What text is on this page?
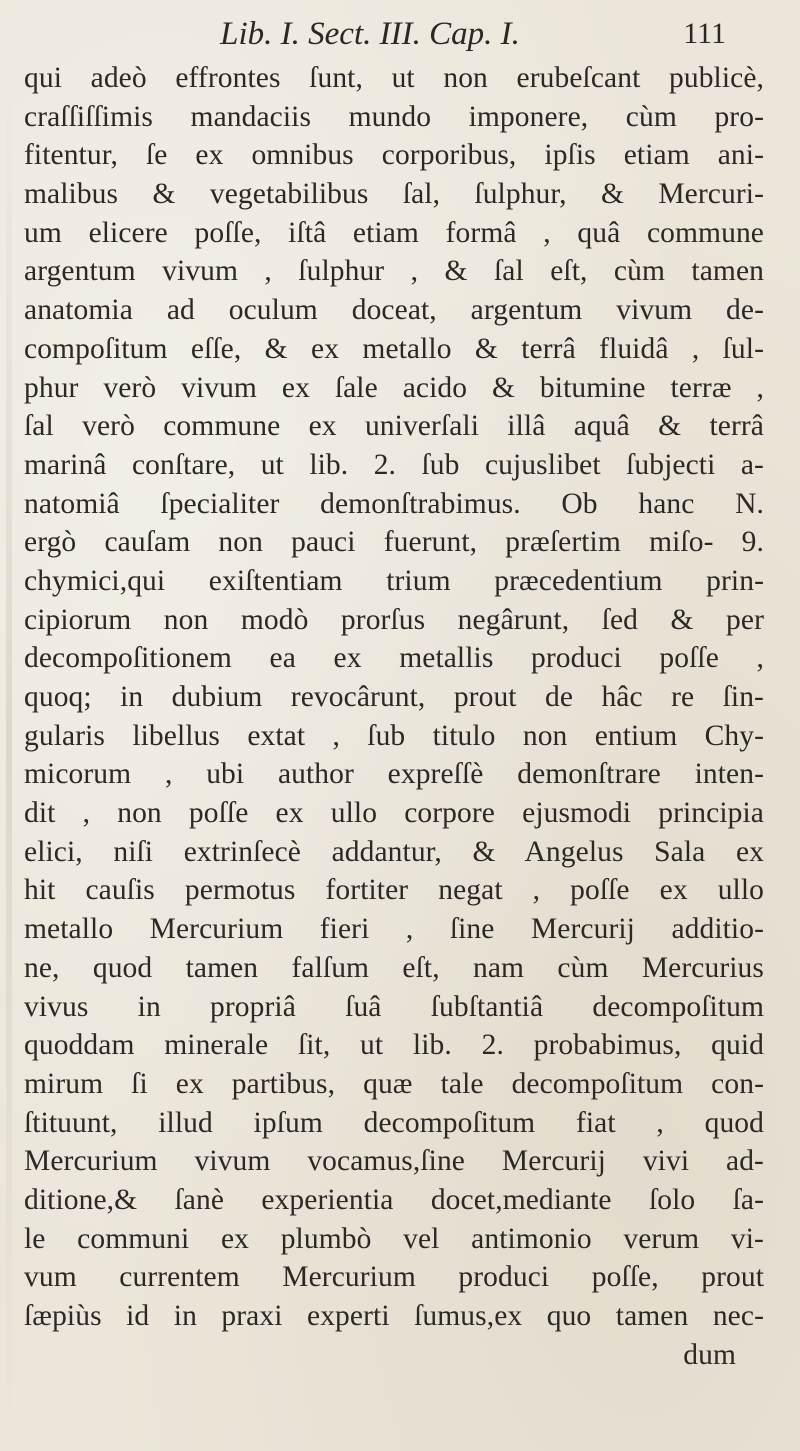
Lib. I. Sect. III. Cap. I.	111
qui adeò effrontes ſunt, ut non erubeſcant publicè,
craſſiſſimis mandaciis mundo imponere, cùm pro-
fitentur, ſe ex omnibus corporibus, ipſis etiam ani-
malibus & vegetabilibus ſal, ſulphur, & Mercuri-
um elicere poſſe, iſtâ etiam formâ , quâ commune
argentum vivum , ſulphur , & ſal eſt, cùm tamen
anatomia ad oculum doceat, argentum vivum de-
compoſitum eſſe, & ex metallo & terrâ fluidâ , ſul-
phur verò vivum ex ſale acido & bitumine terræ ,
ſal verò commune ex univerſali illâ aquâ & terrâ
marinâ conſtare, ut lib. 2. ſub cujuslibet ſubjecti a-
natomiâ ſpecialiter demonſtrabimus. Ob hanc N.
ergò cauſam non pauci fuerunt, præſertim miſo- 9.
chymici,qui exiſtentiam trium præcedentium prin-
cipiorum non modò prorſus negârunt, ſed & per
decompoſitionem ea ex metallis produci poſſe ,
quoq; in dubium revocârunt, prout de hâc re ſin-
gularis libellus extat , ſub titulo non entium Chy-
micorum , ubi author expreſſè demonſtrare inten-
dit , non poſſe ex ullo corpore ejusmodi principia
elici, niſi extrinſecè addantur, & Angelus Sala ex
hit cauſis permotus fortiter negat , poſſe ex ullo
metallo Mercurium fieri , ſine Mercurij additio-
ne, quod tamen falſum eſt, nam cùm Mercurius
vivus in propriâ ſuâ ſubſtantiâ decompoſitum
quoddam minerale ſit, ut lib. 2. probabimus, quid
mirum ſi ex partibus, quæ tale decompoſitum con-
ſtituunt, illud ipſum decompoſitum fiat , quod
Mercurium vivum vocamus,ſine Mercurij vivi ad-
ditione,& ſanè experientia docet,mediante ſolo ſa-
le communi ex plumbò vel antimonio verum vi-
vum currentem Mercurium produci poſſe, prout
ſæpiùs id in praxi experti ſumus,ex quo tamen nec-
dum
